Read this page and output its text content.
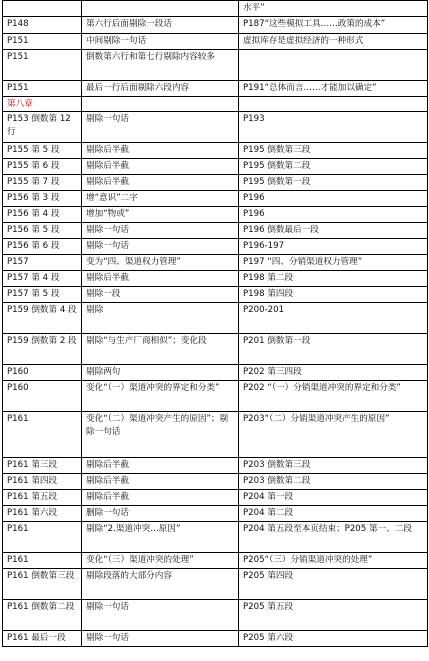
		水平”
P148	第六行后面剔除一段话	P187“这些模拟工具……政策的成本”
P151	中间剔除一句话	虚拟库存是虚拟经济的一种形式
P151	倒数第六行和第七行剔除内容较多	
P151	最后一行后面剔除六段内容	P191“总体而言……才能加以确定”
第八章		
P153 倒数第 12 行	剔除一句话	P193
P155 第 5 段	剔除后半截	P195 倒数第三段
P155 第 6 段	剔除后半截	P195 倒数第二段
P155 第 7 段	剔除后半截	P195 倒数第一段
P156 第 3 段	增“意识”二字	P196
P156 第 4 段	增加“物或”	P196
P156 第 5 段	剔除一句话	P196 倒数最后一段
P156 第 6 段	剔除一句话	P196-197
P157	变为“四、渠道权力管理”	P197 “四、分销渠道权力管理”
P157 第 4 段	剔除后半截	P198 第二段
P157 第 5 段	剔除一段	P198 第四段
P159 倒数第 4 段	剔除	P200-201
P159 倒数第 2 段	剔除“与生产厂商相似”；变化段	P201 倒数第一段
P160	剔除两句	P202 第三四段
P160	变化“（一）渠道冲突的界定和分类”	P202 “（一）分销渠道冲突的界定和分类”
P161	变化“（二）渠道冲突产生的原因”；剔除一句话	P203“（二）分销渠道冲突产生的原因”
P161 第三段	剔除后半截	P203 倒数第三段
P161 第四段	剔除后半截	P203 倒数第二段
P161 第五段	剔除后半截	P204 第一段
P161 第六段	删除一句话	P204 第二段
P161	剔除“2.渠道冲突…原因”	P204 第五段至本页结束；P205 第一、二段
P161	变化“（三）渠道冲突的处理”	P205“（三）分销渠道冲突的处理”
P161 倒数第三段	剔除段落的大部分内容	P205 第四段
P161 倒数第二段	剔除一句话	P205 第五段
P161 最后一段	剔除一句话	P205 第六段
